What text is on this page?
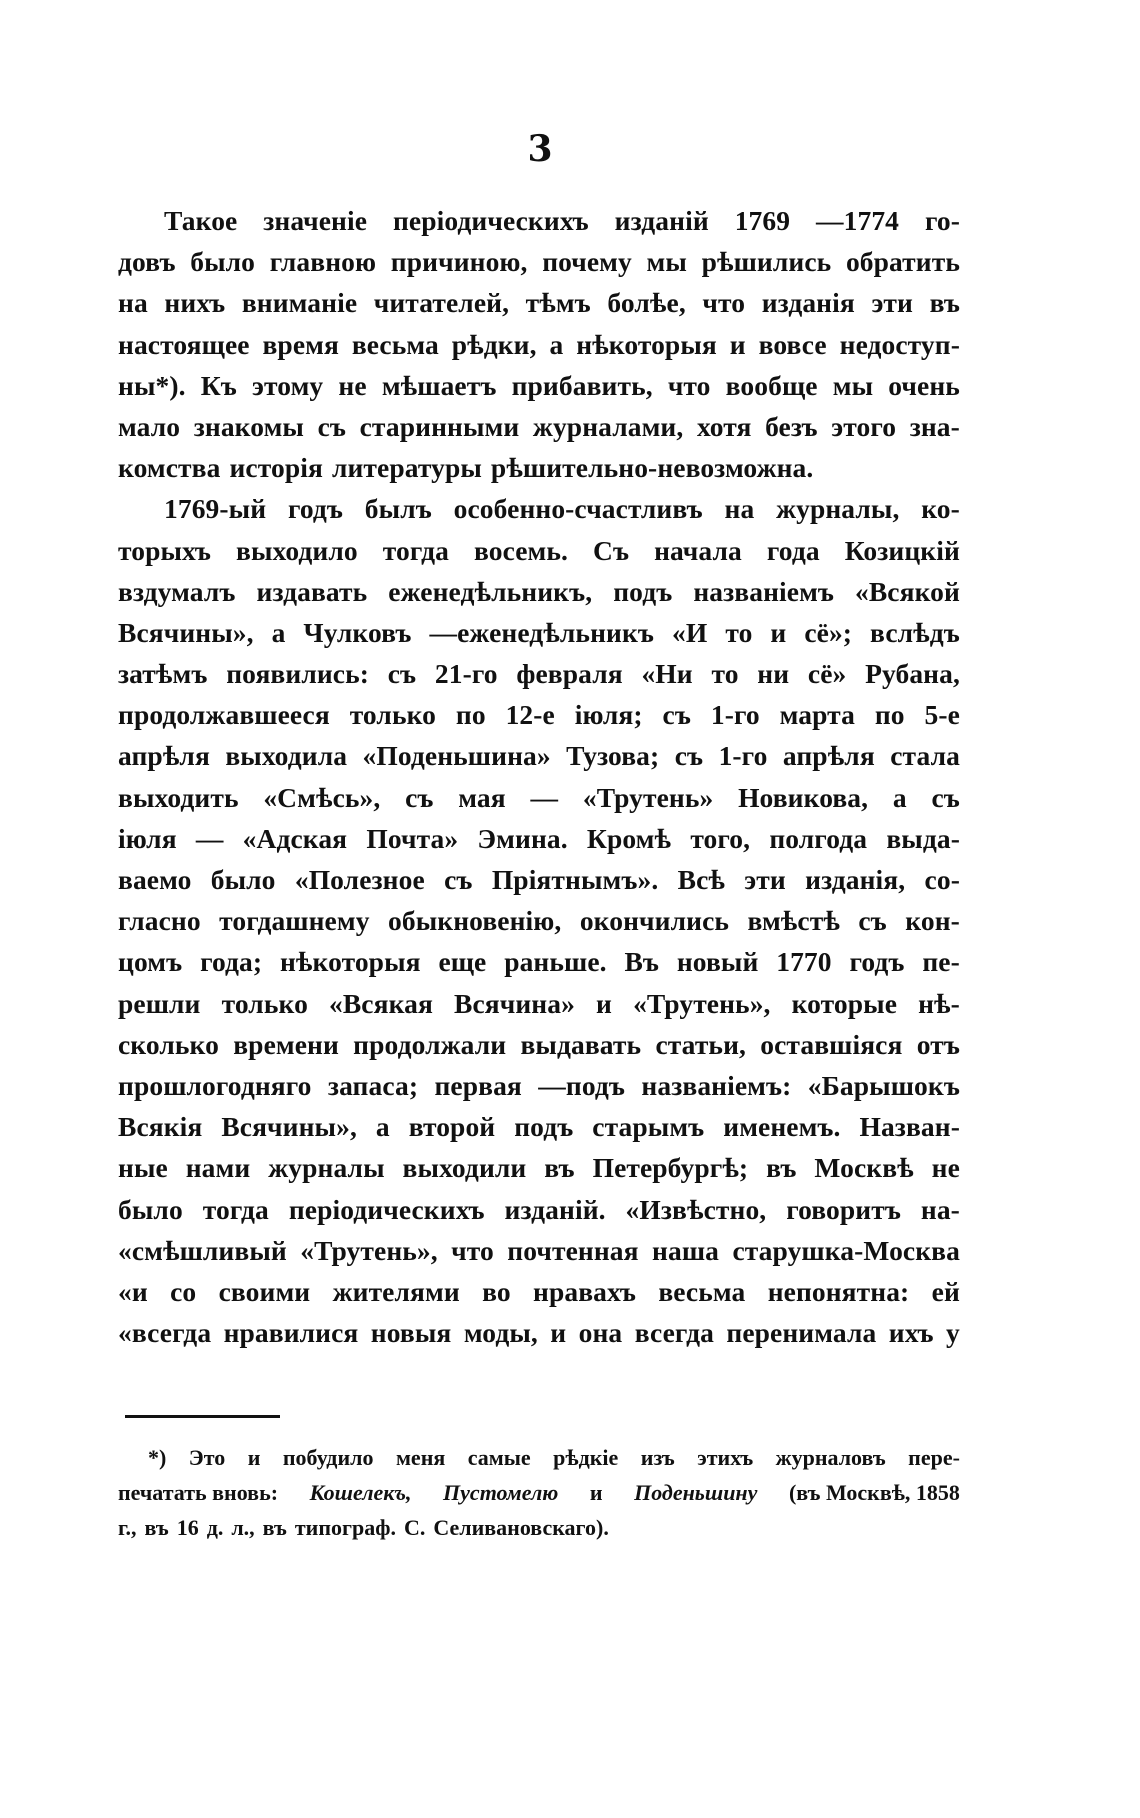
3
Такое значеніе періодическихъ изданій 1769 —1774 го-
довъ было главною причиною, почему мы рѣшились обратить
на нихъ вниманіе читателей, тѣмъ болѣе, что изданія эти въ
настоящее время весьма рѣдки, а нѣкоторыя и вовсе недоступ-
ны*). Къ этому не мѣшаетъ прибавить, что вообще мы очень
мало знакомы съ старинными журналами, хотя безъ этого зна-
комства исторія литературы рѣшительно-невозможна.
1769-ый годъ былъ особенно-счастливъ на журналы, ко-
торыхъ выходило тогда восемь. Съ начала года Козицкій
вздумалъ издавать еженедѣльникъ, подъ названіемъ «Всякой
Всячины», а Чулковъ —еженедѣльникъ «И то и сё»; вслѣдъ
затѣмъ появились: съ 21-го февраля «Ни то ни сё» Рубана,
продолжавшееся только по 12-е іюля; съ 1-го марта по 5-е
апрѣля выходила «Поденьшина» Тузова; съ 1-го апрѣля стала
выходить «Смѣсь», съ мая — «Трутень» Новикова, а съ
іюля — «Адская Почта» Эмина. Кромѣ того, полгода выда-
ваемо было «Полезное съ Пріятнымъ». Всѣ эти изданія, со-
гласно тогдашнему обыкновенію, окончились вмѣстѣ съ кон-
цомъ года; нѣкоторыя еще раньше. Въ новый 1770 годъ пе-
решли только «Всякая Всячина» и «Трутень», которые нѣ-
сколько времени продолжали выдавать статьи, оставшіяся отъ
прошлогодняго запаса; первая —подъ названіемъ: «Барышокъ
Всякія Всячины», а второй подъ старымъ именемъ. Назван-
ные нами журналы выходили въ Петербургѣ; въ Москвѣ не
было тогда періодическихъ изданій. «Извѣстно, говоритъ на-
«смѣшливый «Трутень», что почтенная наша старушка-Москва
«и со своими жителями во нравахъ весьма непонятна: ей
«всегда нравилися новыя моды, и она всегда перенимала ихъ у
*) Это и побудило меня самые рѣдкіе изъ этихъ журналовъ пере-
печатать вновь: Кошелекъ, Пустомелю и Поденьшину (въ Москвѣ, 1858
г., въ 16 д. л., въ типограф. С. Селивановскаго).
